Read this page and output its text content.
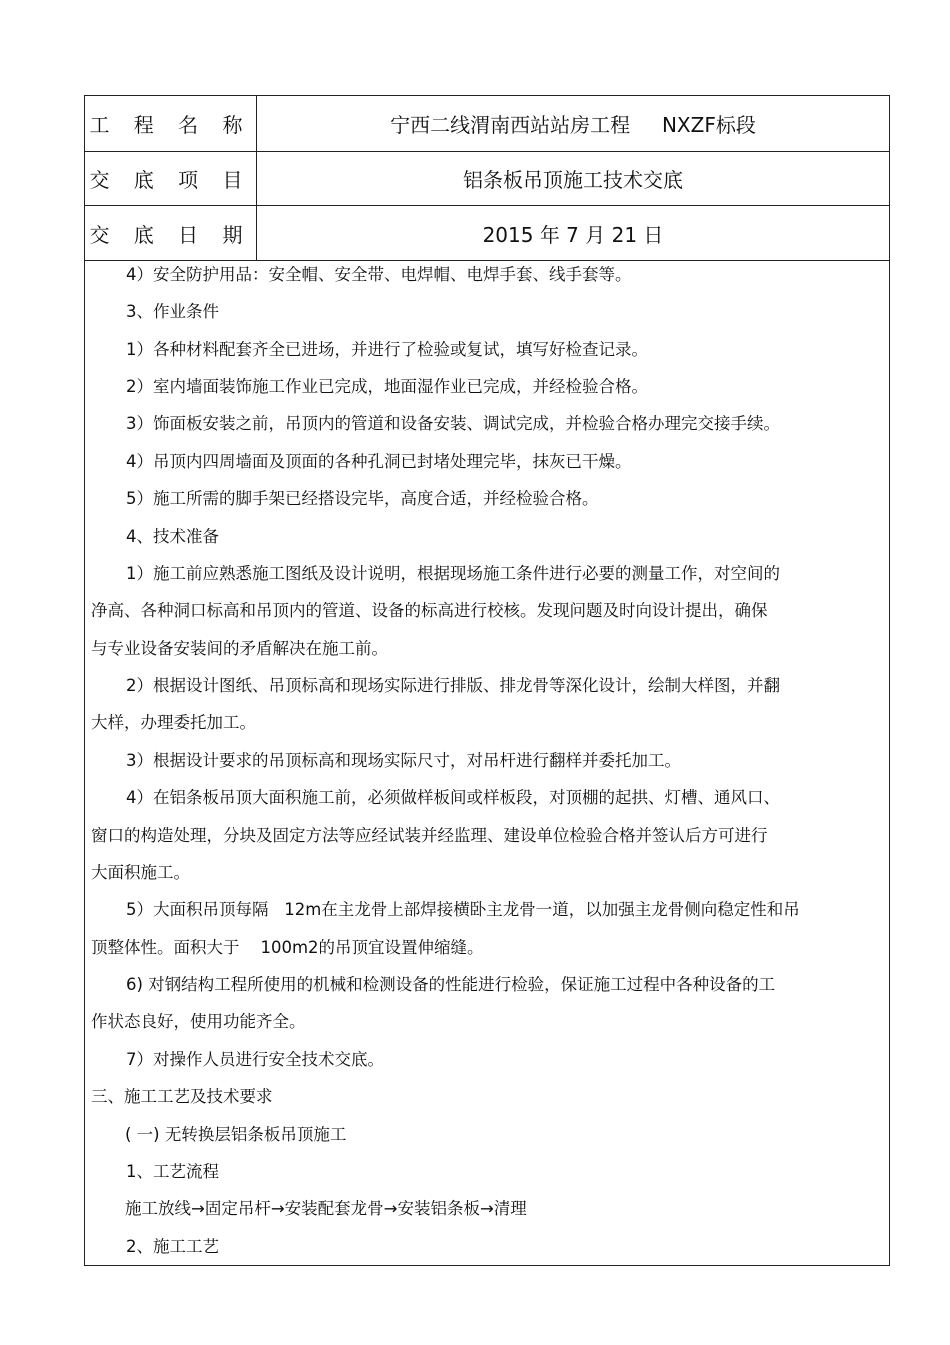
工 程 名 称	宁西二线渭南西站站房工程     NXZF标段
交 底 项 目	铝条板吊顶施工技术交底
交 底 日 期	2015 年 7 月 21 日
4）安全防护用品：安全帽、安全带、电焊帽、电焊手套、线手套等。
3、作业条件
1）各种材料配套齐全已进场，并进行了检验或复试，填写好检查记录。
2）室内墙面装饰施工作业已完成，地面湿作业已完成，并经检验合格。
3）饰面板安装之前，吊顶内的管道和设备安装、调试完成，并检验合格办理完交接手续。
4）吊顶内四周墙面及顶面的各种孔洞已封堵处理完毕，抹灰已干燥。
5）施工所需的脚手架已经搭设完毕，高度合适，并经检验合格。
4、技术准备
1）施工前应熟悉施工图纸及设计说明，根据现场施工条件进行必要的测量工作，对空间的
净高、各种洞口标高和吊顶内的管道、设备的标高进行校核。发现问题及时向设计提出，确保
与专业设备安装间的矛盾解决在施工前。
2）根据设计图纸、吊顶标高和现场实际进行排版、排龙骨等深化设计，绘制大样图，并翻
大样，办理委托加工。
3）根据设计要求的吊顶标高和现场实际尺寸，对吊杆进行翻样并委托加工。
4）在铝条板吊顶大面积施工前，必须做样板间或样板段，对顶棚的起拱、灯槽、通风口、
窗口的构造处理，分块及固定方法等应经试装并经监理、建设单位检验合格并签认后方可进行
大面积施工。
5）大面积吊顶每隔   12m在主龙骨上部焊接横卧主龙骨一道，以加强主龙骨侧向稳定性和吊
顶整体性。面积大于    100m2的吊顶宜设置伸缩缝。
6) 对钢结构工程所使用的机械和检测设备的性能进行检验，保证施工过程中各种设备的工
作状态良好，使用功能齐全。
7）对操作人员进行安全技术交底。
三、施工工艺及技术要求
( 一) 无转换层铝条板吊顶施工
1、工艺流程
施工放线→固定吊杆→安装配套龙骨→安装铝条板→清理
2、施工工艺
